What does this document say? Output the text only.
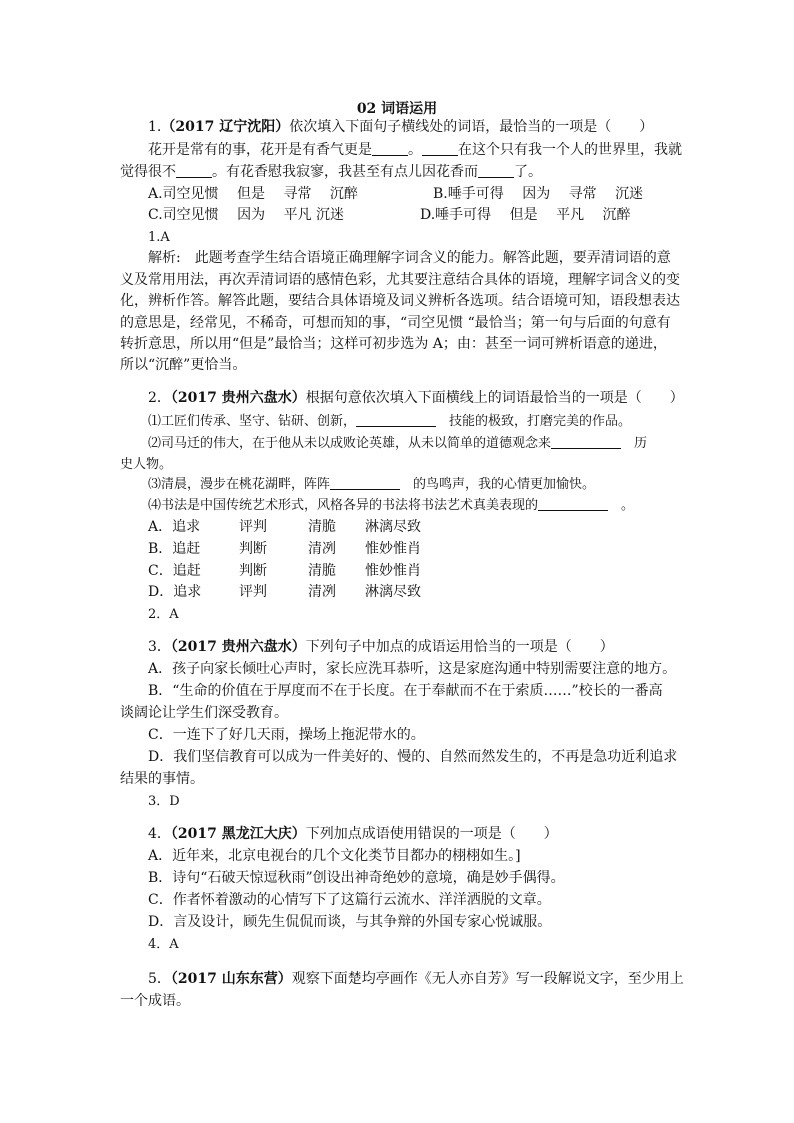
02 词语运用
1.（2017 辽宁沈阳）依次填入下面句子横线处的词语，最恰当的一项是（　　）
花开是常有的事，花开是有香气更是	。	在这个只有我一个人的世界里，我就
觉得很不	。有花香慰我寂寥，我甚至有点儿因花香而	了。
A.司空见惯　 但是　 寻常　 沉醉	B.唾手可得　 因为　 寻常　 沉迷
C.司空见惯　 因为　 平凡 沉迷	D.唾手可得　 但是　 平凡　 沉醉
1.A
解析:　此题考查学生结合语境正确理解字词含义的能力。解答此题，要弄清词语的意
义及常用用法，再次弄清词语的感情色彩，尤其要注意结合具体的语境，理解字词含义的变
化，辨析作答。解答此题，要结合具体语境及词义辨析各选项。结合语境可知，语段想表达
的意思是，经常见，不稀奇，可想而知的事，“司空见惯 “最恰当；第一句与后面的句意有
转折意思，所以用“但是”最恰当；这样可初步选为 A；由：甚至一词可辨析语意的递进，
所以“沉醉”更恰当。
2．（2017 贵州六盘水）根据句意依次填入下面横线上的词语最恰当的一项是（　　）
⑴工匠们传承、坚守、钻研、创新，　	技能的极致，打磨完美的作品。
⑵司马迁的伟大，在于他从未以成败论英雄，从未以简单的道德观念来　	历
史人物。
⑶清晨，漫步在桃花湖畔，阵阵　	的鸟鸣声，我的心情更加愉快。
⑷书法是中国传统艺术形式，风格各异的书法将书法艺术真美表现的　	。
A．追求	评判	清脆 淋漓尽致
B．追赶	判断	清冽 惟妙惟肖
C．追赶	判断	清脆 惟妙惟肖
D．追求	评判	清冽 淋漓尽致
2．A
3．（2017 贵州六盘水）下列句子中加点的成语运用恰当的一项是（　　）
A．孩子向家长倾吐心声时，家长应洗耳恭听，这是家庭沟通中特别需要注意的地方。
B．“生命的价值在于厚度而不在于长度。在于奉献而不在于索质……”校长的一番高
谈阔论让学生们深受教育。
C．一连下了好几天雨，操场上拖泥带水的。
D．我们坚信教育可以成为一件美好的、慢的、自然而然发生的，不再是急功近利追求
结果的事情。
3．D
4．（2017 黑龙江大庆）下列加点成语使用错误的一项是（　　）
A．近年来，北京电视台的几个文化类节目都办的栩栩如生。]
B．诗句“石破天惊逗秋雨”创设出神奇绝妙的意境，确是妙手偶得。
C．作者怀着激动的心情写下了这篇行云流水、洋洋洒脱的文章。
D．言及设计，顾先生侃侃而谈，与其争辩的外国专家心悦诚服。
4．A
5．（2017 山东东营）观察下面楚均亭画作《无人亦自芳》写一段解说文字，至少用上
一个成语。
